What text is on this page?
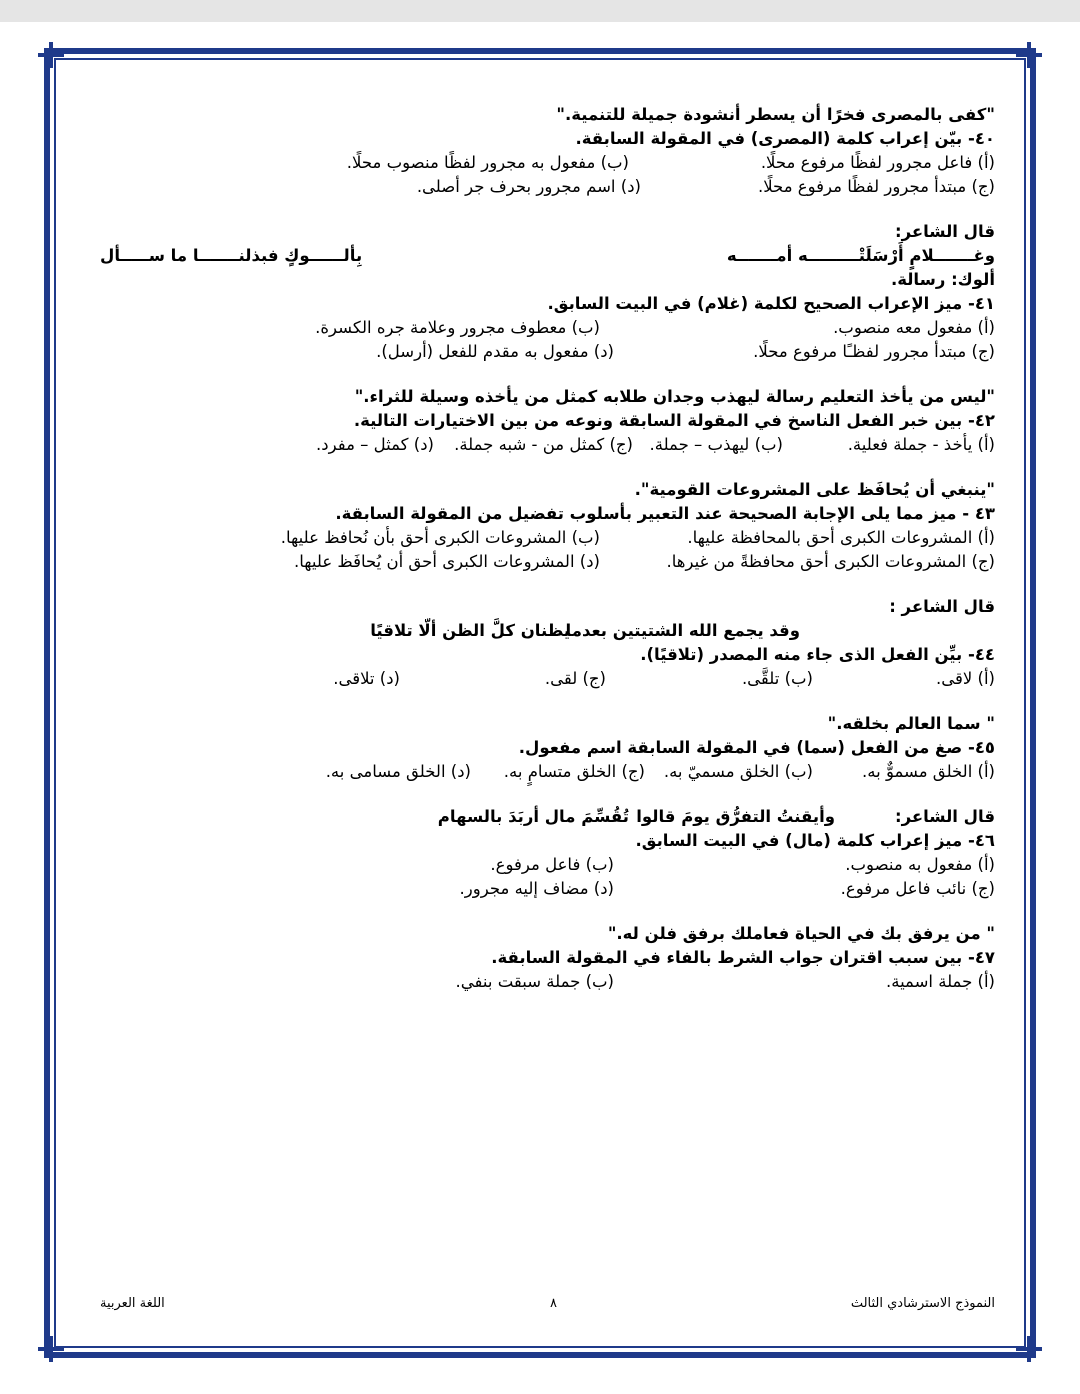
"كفى بالمصرى فخرًا أن يسطر أنشودة جميلة للتنمية."
٤٠- بيّن إعراب كلمة (المصرى) في المقولة السابقة.
(أ) فاعل مجرور لفظًا مرفوع محلًا.
(ب) مفعول به مجرور لفظًا منصوب محلًا.
(ج) مبتدأ مجرور لفظًا مرفوع محلًا.
(د) اسم مجرور بحرف جر أصلى.
قال الشاعر:
وغـــــــلامٍ أَرْسَلَتْـــــــــه أمـــــــه
بِألــــــوكٍ فبذلنـــــــا ما ســـــأل
ألوك: رسالة.
٤١- ميز الإعراب الصحيح لكلمة (غلام) في البيت السابق.
(أ) مفعول معه منصوب.
(ب) معطوف مجرور وعلامة جره الكسرة.
(ج) مبتدأ مجرور لفظـًا مرفوع محلًا.
(د) مفعول به مقدم للفعل (أرسل).
"ليس من يأخذ التعليم رسالة ليهذب وجدان طلابه كمثل من يأخذه وسيلة للثراء."
٤٢- بين خبر الفعل الناسخ في المقولة السابقة ونوعه من بين الاختيارات التالية.
(أ) يأخذ - جملة فعلية.
(ب) ليهذب – جملة.
(ج) كمثل من - شبه جملة.
(د) كمثل – مفرد.
"ينبغي أن يُحافَظ على المشروعات القومية".
٤٣ - ميز مما يلى الإجابة الصحيحة عند التعبير بأسلوب تفضيل من المقولة السابقة.
(أ) المشروعات الكبرى أحق بالمحافظة عليها.
(ب) المشروعات الكبرى أحق بأن نُحافظ عليها.
(ج) المشروعات الكبرى أحق محافظةً من غيرها.
(د) المشروعات الكبرى أحق أن يُحافَظ عليها.
قال الشاعر :
وقد يجمع الله الشتيتين بعدما
يظنان كلَّ الظن ألّا تلاقيًا
٤٤- بيِّن الفعل الذى جاء منه المصدر (تلاقيًا).
(أ) لاقى.
(ب) تلقَّى.
(ج) لقى.
(د) تلاقى.
" سما العالم بخلقه."
٤٥- صغ من الفعل (سما) في المقولة السابقة اسم مفعول.
(أ) الخلق مسموٌّ به.
(ب) الخلق مسميّ به.
(ج) الخلق متسامٍ به.
(د) الخلق مسامى به.
قال الشاعر:
وأيقنتُ التفرُّق يومَ قالوا
تُقُسِّمَ مال أربَدَ بالسهام
٤٦- ميز إعراب كلمة (مال) في البيت السابق.
(أ) مفعول به منصوب.
(ب) فاعل مرفوع.
(ج) نائب فاعل مرفوع.
(د) مضاف إليه مجرور.
" من يرفق بك في الحياة فعاملك برفق فلن له."
٤٧- بين سبب اقتران جواب الشرط بالفاء في المقولة السابقة.
(أ) جملة اسمية.
(ب) جملة سبقت بنفي.
النموذج الاسترشادي الثالث
٨
اللغة العربية
